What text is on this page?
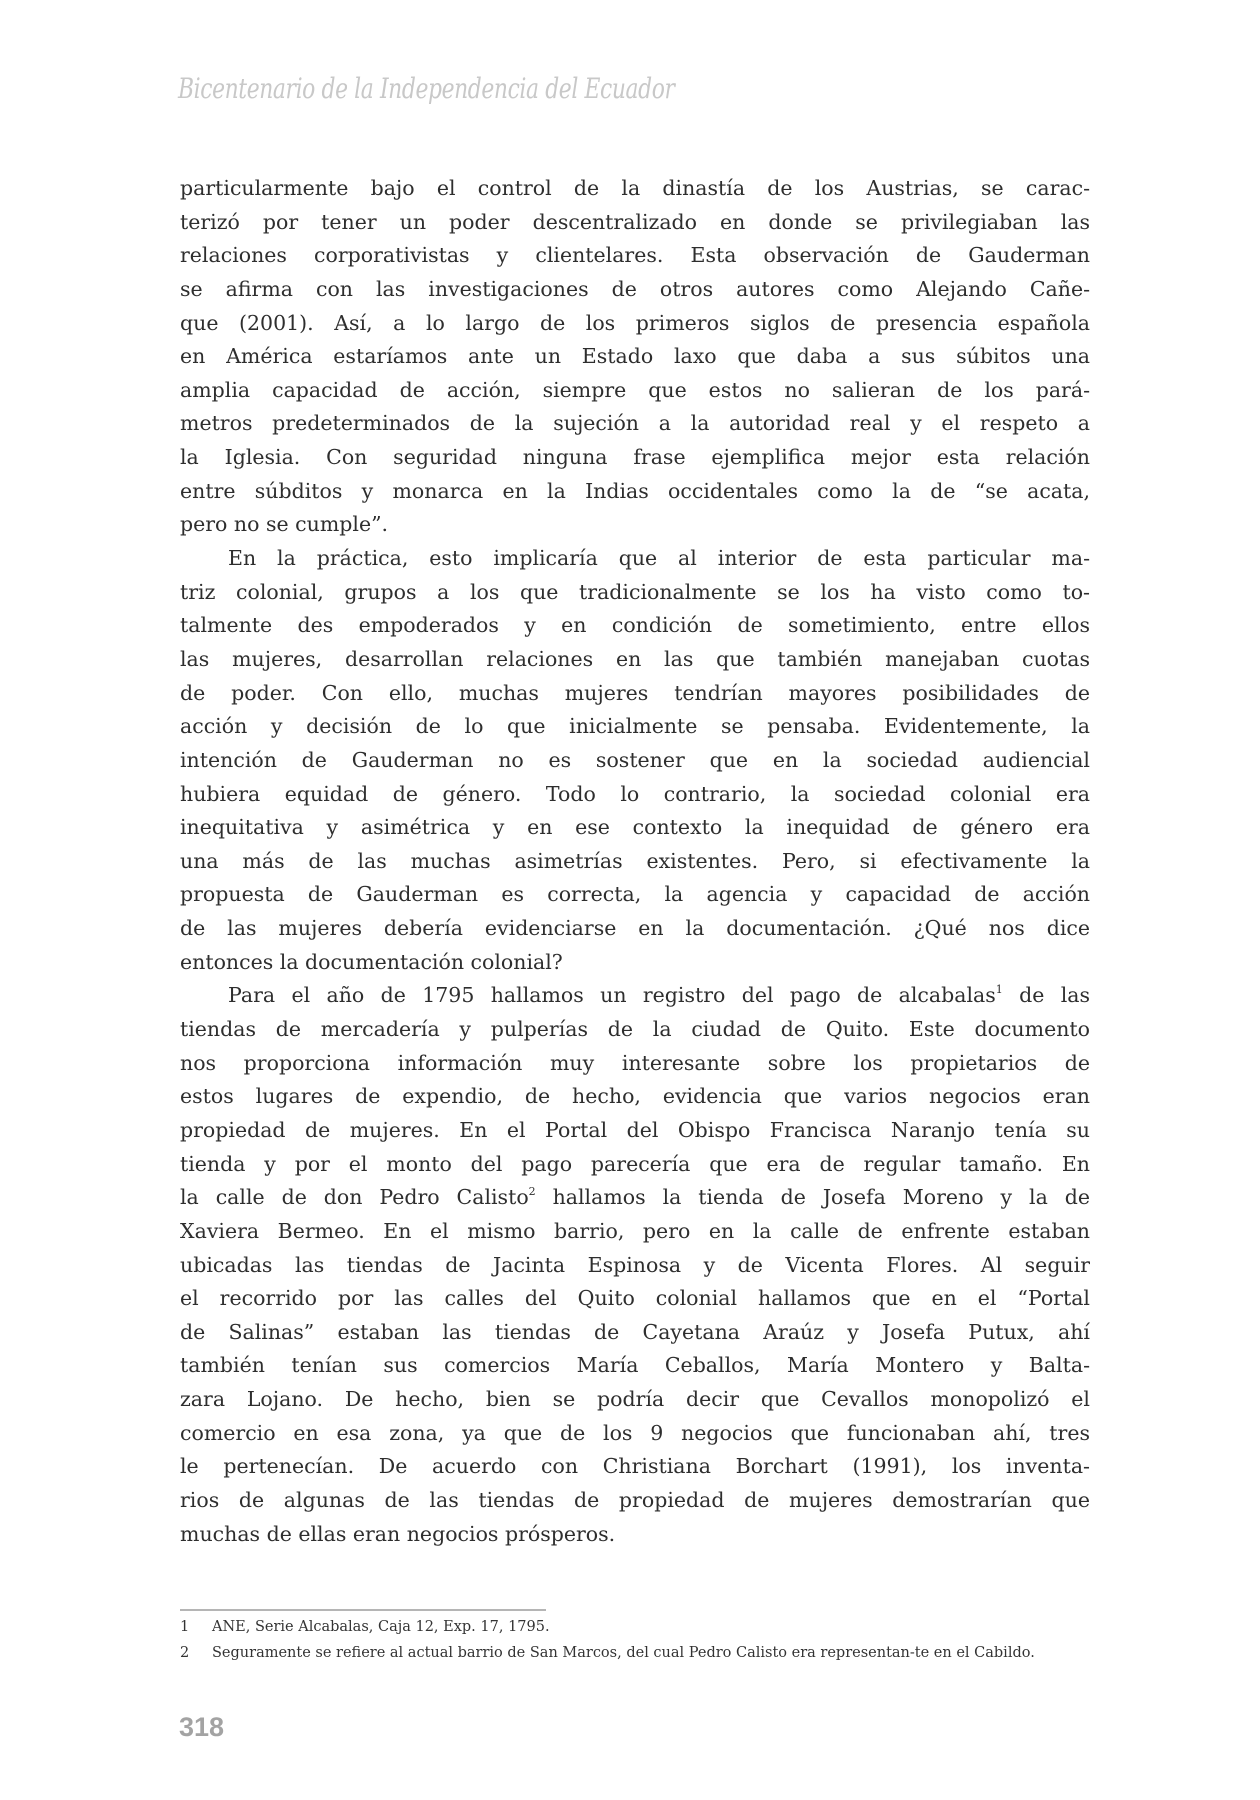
Bicentenario de la Independencia del Ecuador
particularmente bajo el control de la dinastía de los Austrias, se carac-
terizó por tener un poder descentralizado en donde se privilegiaban las
relaciones corporativistas y clientelares. Esta observación de Gauderman
se afirma con las investigaciones de otros autores como Alejando Cañe-
que (2001). Así, a lo largo de los primeros siglos de presencia española
en América estaríamos ante un Estado laxo que daba a sus súbitos una
amplia capacidad de acción, siempre que estos no salieran de los pará-
metros predeterminados de la sujeción a la autoridad real y el respeto a
la Iglesia. Con seguridad ninguna frase ejemplifica mejor esta relación
entre súbditos y monarca en la Indias occidentales como la de “se acata,
pero no se cumple”.
En la práctica, esto implicaría que al interior de esta particular ma-
triz colonial, grupos a los que tradicionalmente se los ha visto como to-
talmente des empoderados y en condición de sometimiento, entre ellos
las mujeres, desarrollan relaciones en las que también manejaban cuotas
de poder. Con ello, muchas mujeres tendrían mayores posibilidades de
acción y decisión de lo que inicialmente se pensaba. Evidentemente, la
intención de Gauderman no es sostener que en la sociedad audiencial
hubiera equidad de género. Todo lo contrario, la sociedad colonial era
inequitativa y asimétrica y en ese contexto la inequidad de género era
una más de las muchas asimetrías existentes. Pero, si efectivamente la
propuesta de Gauderman es correcta, la agencia y capacidad de acción
de las mujeres debería evidenciarse en la documentación. ¿Qué nos dice
entonces la documentación colonial?
Para el año de 1795 hallamos un registro del pago de alcabalas$^1$ de las
tiendas de mercadería y pulperías de la ciudad de Quito. Este documento
nos proporciona información muy interesante sobre los propietarios de
estos lugares de expendio, de hecho, evidencia que varios negocios eran
propiedad de mujeres. En el Portal del Obispo Francisca Naranjo tenía su
tienda y por el monto del pago parecería que era de regular tamaño. En
la calle de don Pedro Calisto$^2$ hallamos la tienda de Josefa Moreno y la de
Xaviera Bermeo. En el mismo barrio, pero en la calle de enfrente estaban
ubicadas las tiendas de Jacinta Espinosa y de Vicenta Flores. Al seguir
el recorrido por las calles del Quito colonial hallamos que en el “Portal
de Salinas” estaban las tiendas de Cayetana Araúz y Josefa Putux, ahí
también tenían sus comercios María Ceballos, María Montero y Balta-
zara Lojano. De hecho, bien se podría decir que Cevallos monopolizó el
comercio en esa zona, ya que de los 9 negocios que funcionaban ahí, tres
le pertenecían. De acuerdo con Christiana Borchart (1991), los inventa-
rios de algunas de las tiendas de propiedad de mujeres demostrarían que
muchas de ellas eran negocios prósperos.
1	ANE, Serie Alcabalas, Caja 12, Exp. 17, 1795.
2	Seguramente se refiere al actual barrio de San Marcos, del cual Pedro Calisto era representan-te en el Cabildo.
318
